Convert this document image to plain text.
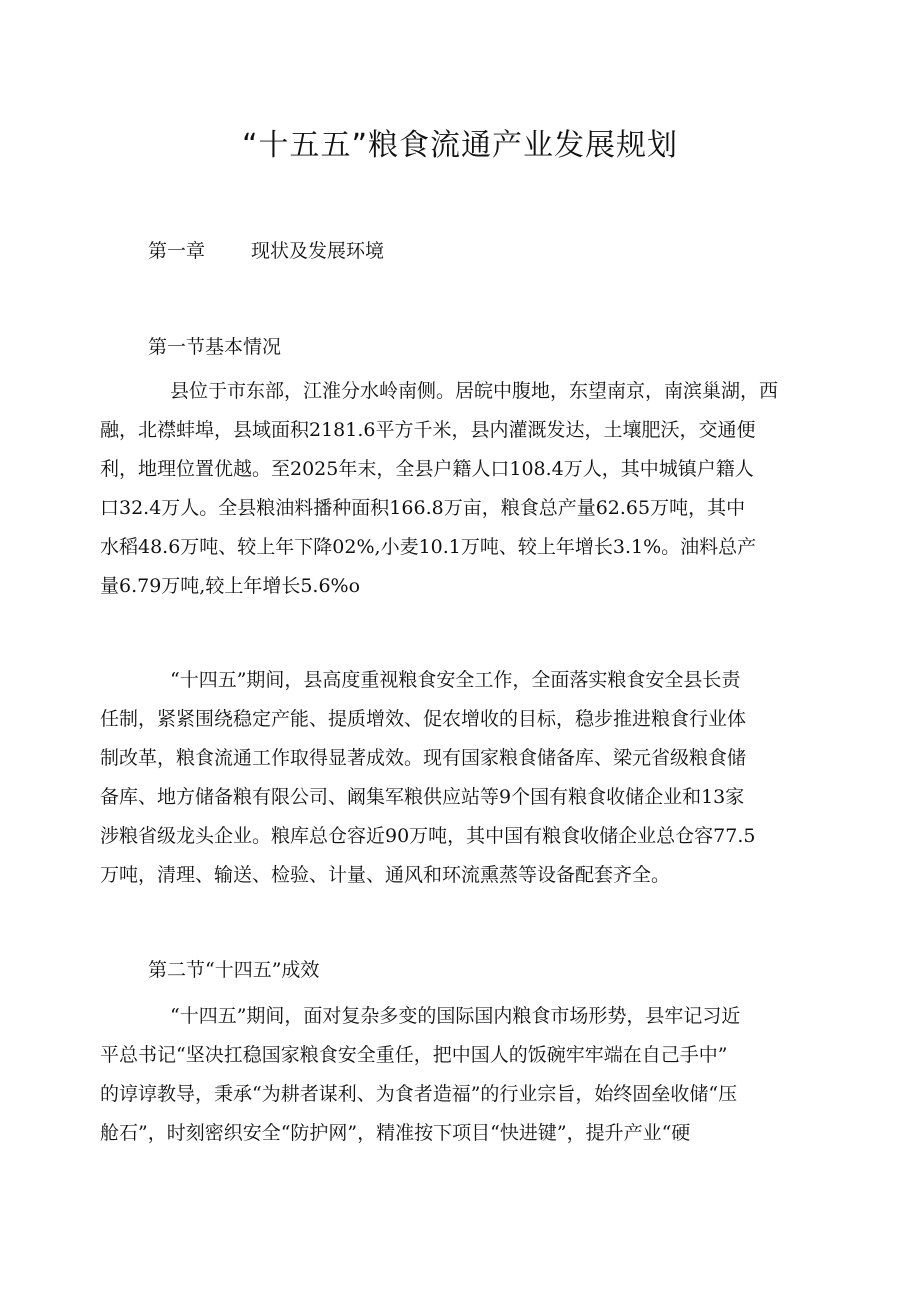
“十五五”粮食流通产业发展规划
第一章 现状及发展环境
第一节基本情况
县位于市东部，江淮分水岭南侧。居皖中腹地，东望南京，南滨巢湖，西
融，北襟蚌埠，县域面积2181.6平方千米，县内灌溉发达，土壤肥沃，交通便
利，地理位置优越。至2025年末，全县户籍人口108.4万人，其中城镇户籍人
口32.4万人。全县粮油料播种面积166.8万亩，粮食总产量62.65万吨，其中
水稻48.6万吨、较上年下降02%,小麦10.1万吨、较上年增长3.1%。油料总产
量6.79万吨,较上年增长5.6%o
“十四五”期间，县高度重视粮食安全工作，全面落实粮食安全县长责
任制，紧紧围绕稳定产能、提质增效、促农增收的目标，稳步推进粮食行业体
制改革，粮食流通工作取得显著成效。现有国家粮食储备库、梁元省级粮食储
备库、地方储备粮有限公司、阚集军粮供应站等9个国有粮食收储企业和13家
涉粮省级龙头企业。粮库总仓容近90万吨，其中国有粮食收储企业总仓容77.5
万吨，清理、输送、检验、计量、通风和环流熏蒸等设备配套齐全。
第二节“十四五”成效
“十四五”期间，面对复杂多变的国际国内粮食市场形势，县牢记习近
平总书记“坚决扛稳国家粮食安全重任，把中国人的饭碗牢牢端在自己手中”
的谆谆教导，秉承“为耕者谋利、为食者造福”的行业宗旨，始终固垒收储“压
舱石”，时刻密织安全“防护网”，精准按下项目“快进键”，提升产业“硬
